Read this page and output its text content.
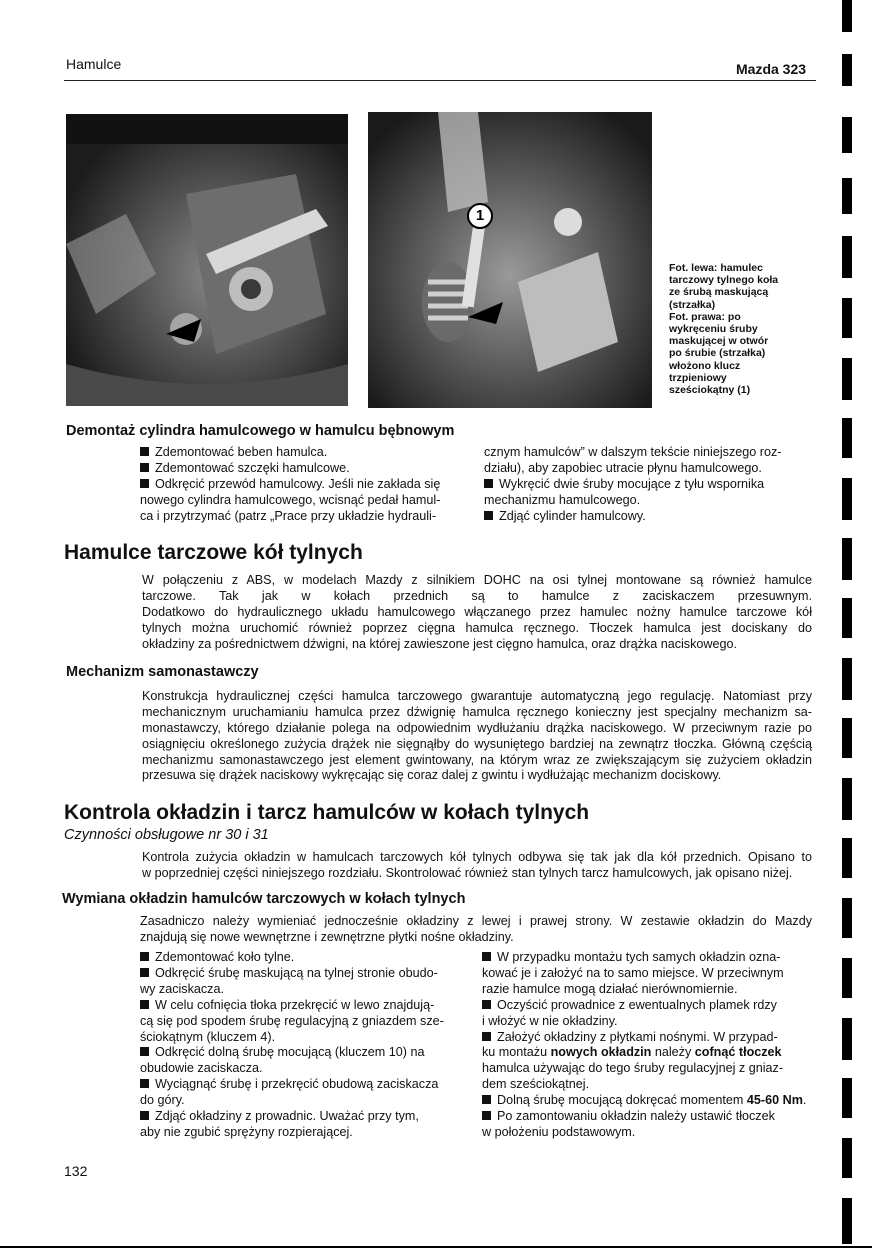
Hamulce	Mazda 323
1
Fot. lewa: hamulec
tarczowy tylnego koła
ze śrubą maskującą
(strzałka)
Fot. prawa: po
wykręceniu śruby
maskującej w otwór
po śrubie (strzałka)
włożono klucz
trzpieniowy
sześciokątny (1)
Demontaż cylindra hamulcowego w hamulcu bębnowym
Zdemontować beben hamulca.
Zdemontować szczęki hamulcowe.
Odkręcić przewód hamulcowy. Jeśli nie zakłada się
nowego cylindra hamulcowego, wcisnąć pedał hamul-
ca i przytrzymać (patrz „Prace przy układzie hydrauli-
cznym hamulców” w dalszym tekście niniejszego roz-
działu), aby zapobiec utracie płynu hamulcowego.
Wykręcić dwie śruby mocujące z tyłu wspornika
mechanizmu hamulcowego.
Zdjąć cylinder hamulcowy.
Hamulce tarczowe kół tylnych
W połączeniu z ABS, w modelach Mazdy z silnikiem DOHC na osi tylnej montowane są również hamulce
tarczowe. Tak jak w kołach przednich są to hamulce z zaciskaczem przesuwnym.
Dodatkowo do hydraulicznego układu hamulcowego włączanego przez hamulec nożny hamulce tarczowe kół
tylnych można uruchomić również poprzez cięgna hamulca ręcznego. Tłoczek hamulca jest dociskany do
okładziny za pośrednictwem dźwigni, na której zawieszone jest cięgno hamulca, oraz drążka naciskowego.
Mechanizm samonastawczy
Konstrukcja hydraulicznej części hamulca tarczowego gwarantuje automatyczną jego regulację. Natomiast przy
mechanicznym uruchamianiu hamulca przez dźwignię hamulca ręcznego konieczny jest specjalny mechanizm sa-
monastawczy, którego działanie polega na odpowiednim wydłużaniu drążka naciskowego. W przeciwnym razie po
osiągnięciu określonego zużycia drążek nie sięgnąłby do wysuniętego bardziej na zewnątrz tłoczka. Główną częścią
mechanizmu samonastawczego jest element gwintowany, na którym wraz ze zwiększającym się zużyciem okładzin
przesuwa się drążek naciskowy wykręcając się coraz dalej z gwintu i wydłużając mechanizm dociskowy.
Kontrola okładzin i tarcz hamulców w kołach tylnych
Czynności obsługowe nr 30 i 31
Kontrola zużycia okładzin w hamulcach tarczowych kół tylnych odbywa się tak jak dla kół przednich. Opisano to
w poprzedniej części niniejszego rozdziału. Skontrolować również stan tylnych tarcz hamulcowych, jak opisano niżej.
Wymiana okładzin hamulców tarczowych w kołach tylnych
Zasadniczo należy wymieniać jednocześnie okładziny z lewej i prawej strony. W zestawie okładzin do Mazdy
znajdują się nowe wewnętrzne i zewnętrzne płytki nośne okładziny.
Zdemontować koło tylne.
Odkręcić śrubę maskującą na tylnej stronie obudo-
wy zaciskacza.
W celu cofnięcia tłoka przekręcić w lewo znajdują-
cą się pod spodem śrubę regulacyjną z gniazdem sze-
ściokątnym (kluczem 4).
Odkręcić dolną śrubę mocującą (kluczem 10) na
obudowie zaciskacza.
Wyciągnąć śrubę i przekręcić obudową zaciskacza
do góry.
Zdjąć okładziny z prowadnic. Uważać przy tym,
aby nie zgubić sprężyny rozpierającej.
W przypadku montażu tych samych okładzin ozna-
kować je i założyć na to samo miejsce. W przeciwnym
razie hamulce mogą działać nierównomiernie.
Oczyścić prowadnice z ewentualnych plamek rdzy
i włożyć w nie okładziny.
Założyć okładziny z płytkami nośnymi. W przypad-
ku montażu nowych okładzin należy cofnąć tłoczek
hamulca używając do tego śruby regulacyjnej z gniaz-
dem sześciokątnej.
Dolną śrubę mocującą dokręcać momentem 45-60 Nm.
Po zamontowaniu okładzin należy ustawić tłoczek
w położeniu podstawowym.
132
